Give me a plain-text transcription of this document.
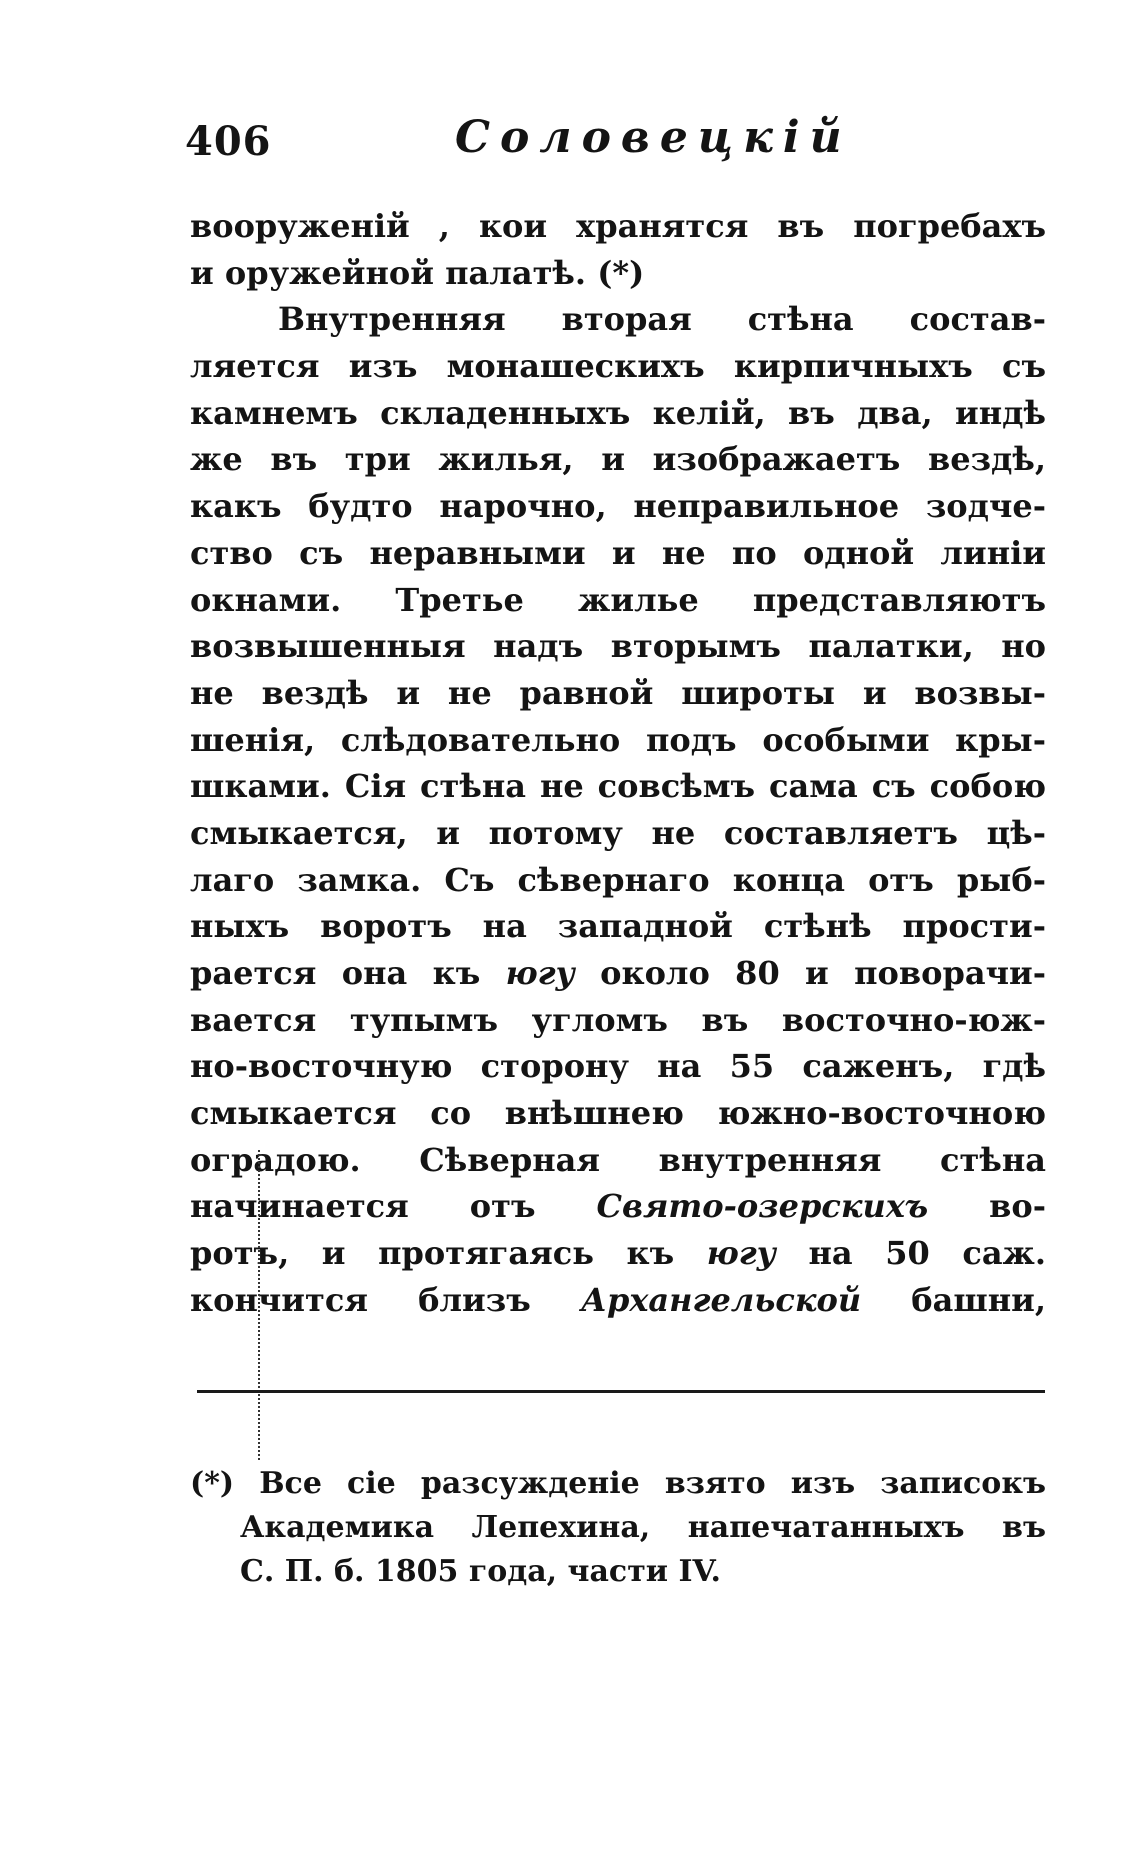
406	Соловецкій
вооруженій , кои хранятся въ погребахъ
и оружейной палатѣ. (*)
Внутренняя вторая стѣна состав-
ляется изъ монашескихъ кирпичныхъ съ
камнемъ складенныхъ келій, въ два, индѣ
же въ три жилья, и изображаетъ вездѣ,
какъ будто нарочно, неправильное зодче-
ство съ неравными и не по одной линіи
окнами. Третье жилье представляютъ
возвышенныя надъ вторымъ палатки, но
не вездѣ и не равной широты и возвы-
шенія, слѣдовательно подъ особыми кры-
шками. Сія стѣна не совсѣмъ сама съ собою
смыкается, и потому не составляетъ цѣ-
лаго замка. Съ сѣвернаго конца отъ рыб-
ныхъ воротъ на западной стѣнѣ прости-
рается она къ югу около 80 и поворачи-
вается тупымъ угломъ въ восточно-юж-
но-восточную сторону на 55 саженъ, гдѣ
смыкается со внѣшнею южно-восточною
оградою. Сѣверная внутренняя стѣна
начинается отъ Свято-озерскихъ во-
ротъ, и протягаясь къ югу на 50 саж.
кончится близъ Архангельской башни,
(*) Все сіе разсужденіе взято изъ записокъ
Академика Лепехина, напечатанныхъ въ
С. П. б. 1805 года, части IV.
